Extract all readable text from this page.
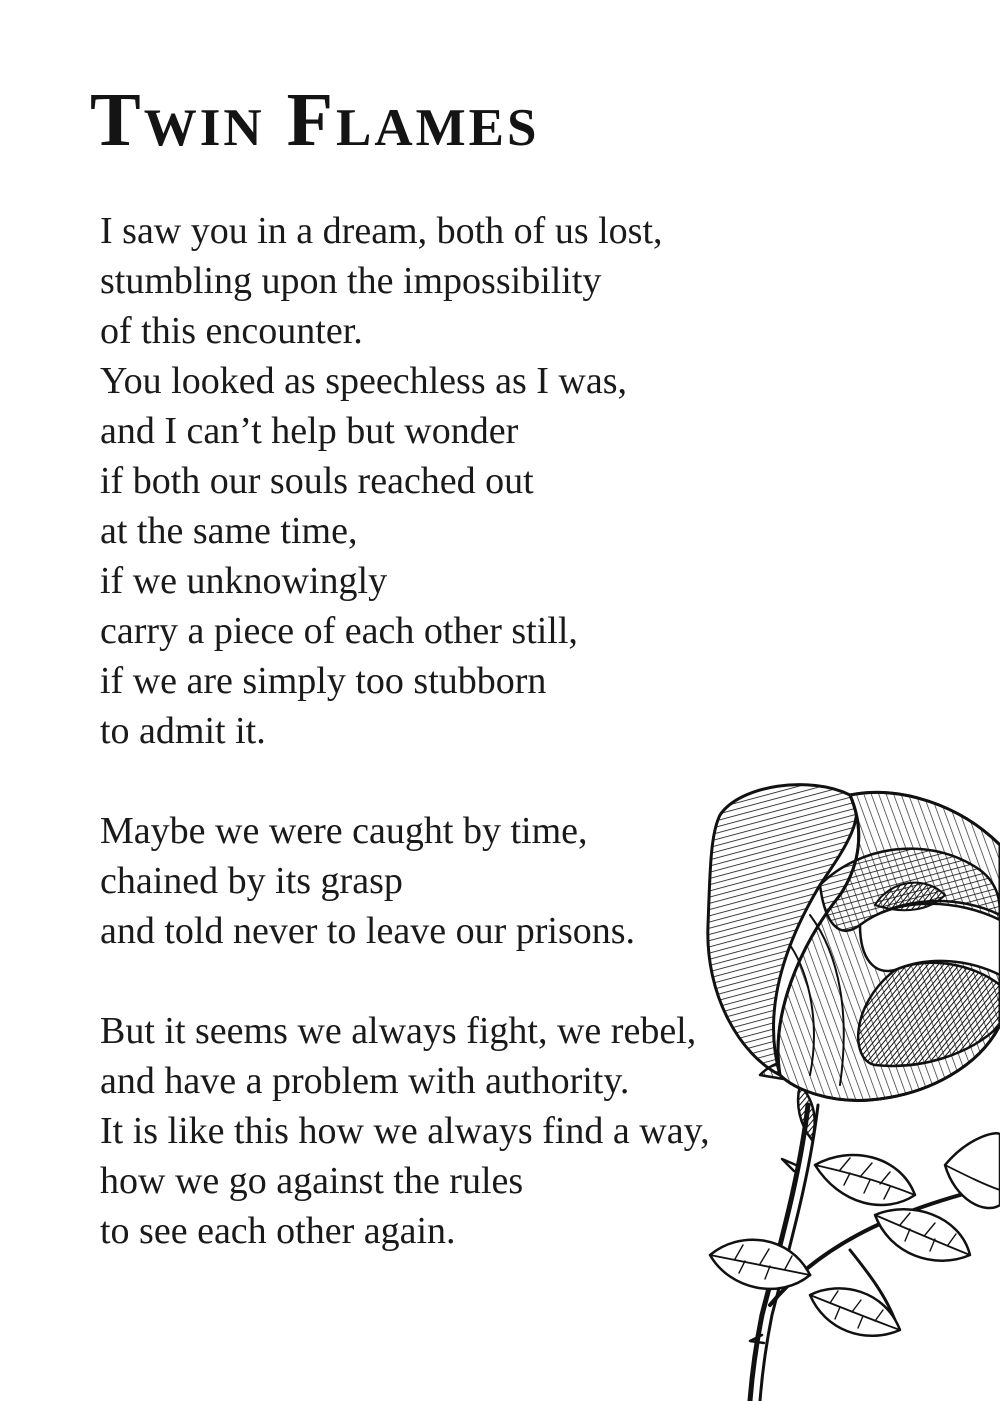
Twin Flames
I saw you in a dream, both of us lost,
stumbling upon the impossibility
of this encounter.
You looked as speechless as I was,
and I can’t help but wonder
if both our souls reached out
at the same time,
if we unknowingly
carry a piece of each other still,
if we are simply too stubborn
to admit it.
Maybe we were caught by time,
chained by its grasp
and told never to leave our prisons.
But it seems we always fight, we rebel,
and have a problem with authority.
It is like this how we always find a way,
how we go against the rules
to see each other again.
